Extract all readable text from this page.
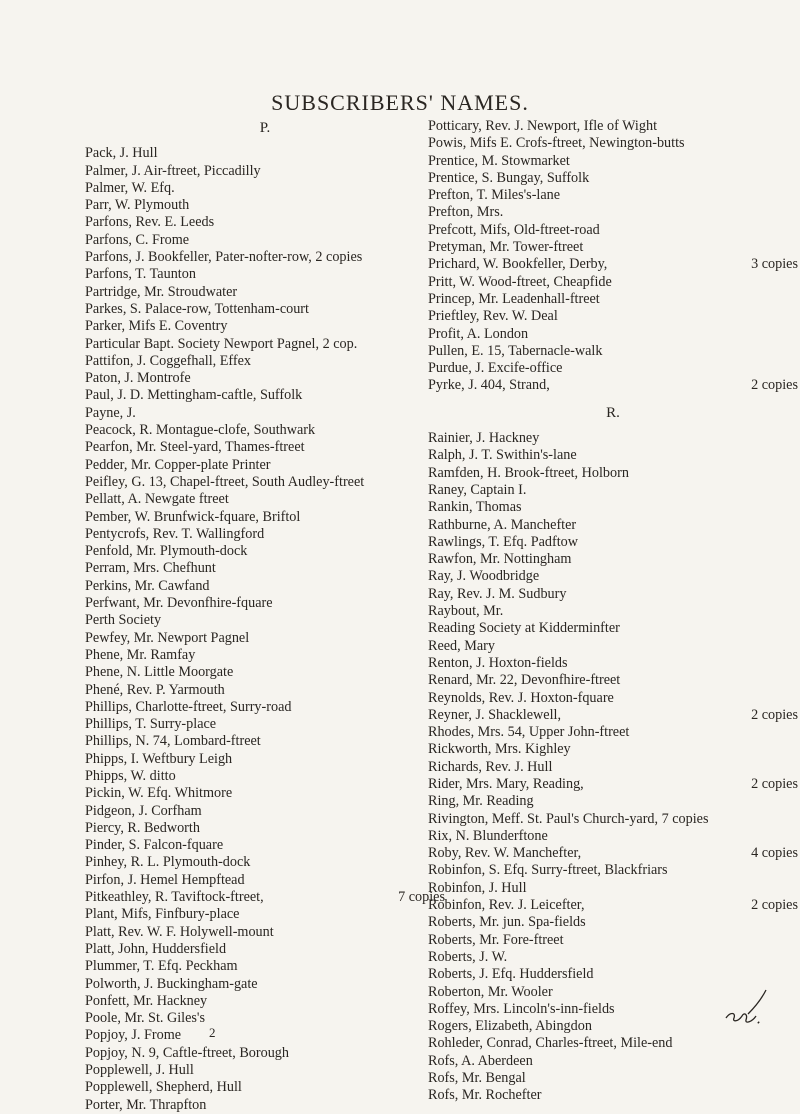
SUBSCRIBERS' NAMES.
P.
Pack, J. Hull
Palmer, J. Air-ftreet, Piccadilly
Palmer, W. Efq.
Parr, W. Plymouth
Parfons, Rev. E. Leeds
Parfons, C. Frome
Parfons, J. Bookfeller, Pater-nofter-row, 2 copies
Parfons, T. Taunton
Partridge, Mr. Stroudwater
Parkes, S. Palace-row, Tottenham-court
Parker, Mifs E. Coventry
Particular Bapt. Society Newport Pagnel, 2 cop.
Pattifon, J. Coggefhall, Effex
Paton, J. Montrofe
Paul, J. D. Mettingham-caftle, Suffolk
Payne, J.
Peacock, R. Montague-clofe, Southwark
Pearfon, Mr. Steel-yard, Thames-ftreet
Pedder, Mr. Copper-plate Printer
Peifley, G. 13, Chapel-ftreet, South Audley-ftreet
Pellatt, A. Newgate ftreet
Pember, W. Brunfwick-fquare, Briftol
Pentycrofs, Rev. T. Wallingford
Penfold, Mr. Plymouth-dock
Perram, Mrs. Chefhunt
Perkins, Mr. Cawfand
Perfwant, Mr. Devonfhire-fquare
Perth Society
Pewfey, Mr. Newport Pagnel
Phene, Mr. Ramfay
Phene, N. Little Moorgate
Phené, Rev. P. Yarmouth
Phillips, Charlotte-ftreet, Surry-road
Phillips, T. Surry-place
Phillips, N. 74, Lombard-ftreet
Phipps, I. Weftbury Leigh
Phipps, W. ditto
Pickin, W. Efq. Whitmore
Pidgeon, J. Corfham
Piercy, R. Bedworth
Pinder, S. Falcon-fquare
Pinhey, R. L. Plymouth-dock
Pirfon, J. Hemel Hempftead
Pitkeathley, R. Taviftock-ftreet,	7 copies
Plant, Mifs, Finfbury-place
Platt, Rev. W. F. Holywell-mount
Platt, John, Huddersfield
Plummer, T. Efq. Peckham
Polworth, J. Buckingham-gate
Ponfett, Mr. Hackney
Poole, Mr. St. Giles's
Popjoy, J. Frome
Popjoy, N. 9, Caftle-ftreet, Borough
Popplewell, J. Hull
Popplewell, Shepherd, Hull
Porter, Mr. Thrapfton
Potticary, Rev. J. Newport, Ifle of Wight
Powis, Mifs E. Crofs-ftreet, Newington-butts
Prentice, M. Stowmarket
Prentice, S. Bungay, Suffolk
Prefton, T. Miles's-lane
Prefton, Mrs.
Prefcott, Mifs, Old-ftreet-road
Pretyman, Mr. Tower-ftreet
Prichard, W. Bookfeller, Derby,	3 copies
Pritt, W. Wood-ftreet, Cheapfide
Princep, Mr. Leadenhall-ftreet
Prieftley, Rev. W. Deal
Profit, A. London
Pullen, E. 15, Tabernacle-walk
Purdue, J. Excife-office
Pyrke, J. 404, Strand,	2 copies
R.
Rainier, J. Hackney
Ralph, J. T. Swithin's-lane
Ramfden, H. Brook-ftreet, Holborn
Raney, Captain I.
Rankin, Thomas
Rathburne, A. Manchefter
Rawlings, T. Efq. Padftow
Rawfon, Mr. Nottingham
Ray, J. Woodbridge
Ray, Rev. J. M. Sudbury
Raybout, Mr.
Reading Society at Kidderminfter
Reed, Mary
Renton, J. Hoxton-fields
Renard, Mr. 22, Devonfhire-ftreet
Reynolds, Rev. J. Hoxton-fquare
Reyner, J. Shacklewell,	2 copies
Rhodes, Mrs. 54, Upper John-ftreet
Rickworth, Mrs. Kighley
Richards, Rev. J. Hull
Rider, Mrs. Mary, Reading,	2 copies
Ring, Mr. Reading
Rivington, Meff. St. Paul's Church-yard, 7 copies
Rix, N. Blunderftone
Roby, Rev. W. Manchefter,	4 copies
Robinfon, S. Efq. Surry-ftreet, Blackfriars
Robinfon, J. Hull
Robinfon, Rev. J. Leicefter,	2 copies
Roberts, Mr. jun. Spa-fields
Roberts, Mr. Fore-ftreet
Roberts, J. W.
Roberts, J. Efq. Huddersfield
Roberton, Mr. Wooler
Roffey, Mrs. Lincoln's-inn-fields
Rogers, Elizabeth, Abingdon
Rohleder, Conrad, Charles-ftreet, Mile-end
Rofs, A. Aberdeen
Rofs, Mr. Bengal
Rofs, Mr. Rochefter
2
